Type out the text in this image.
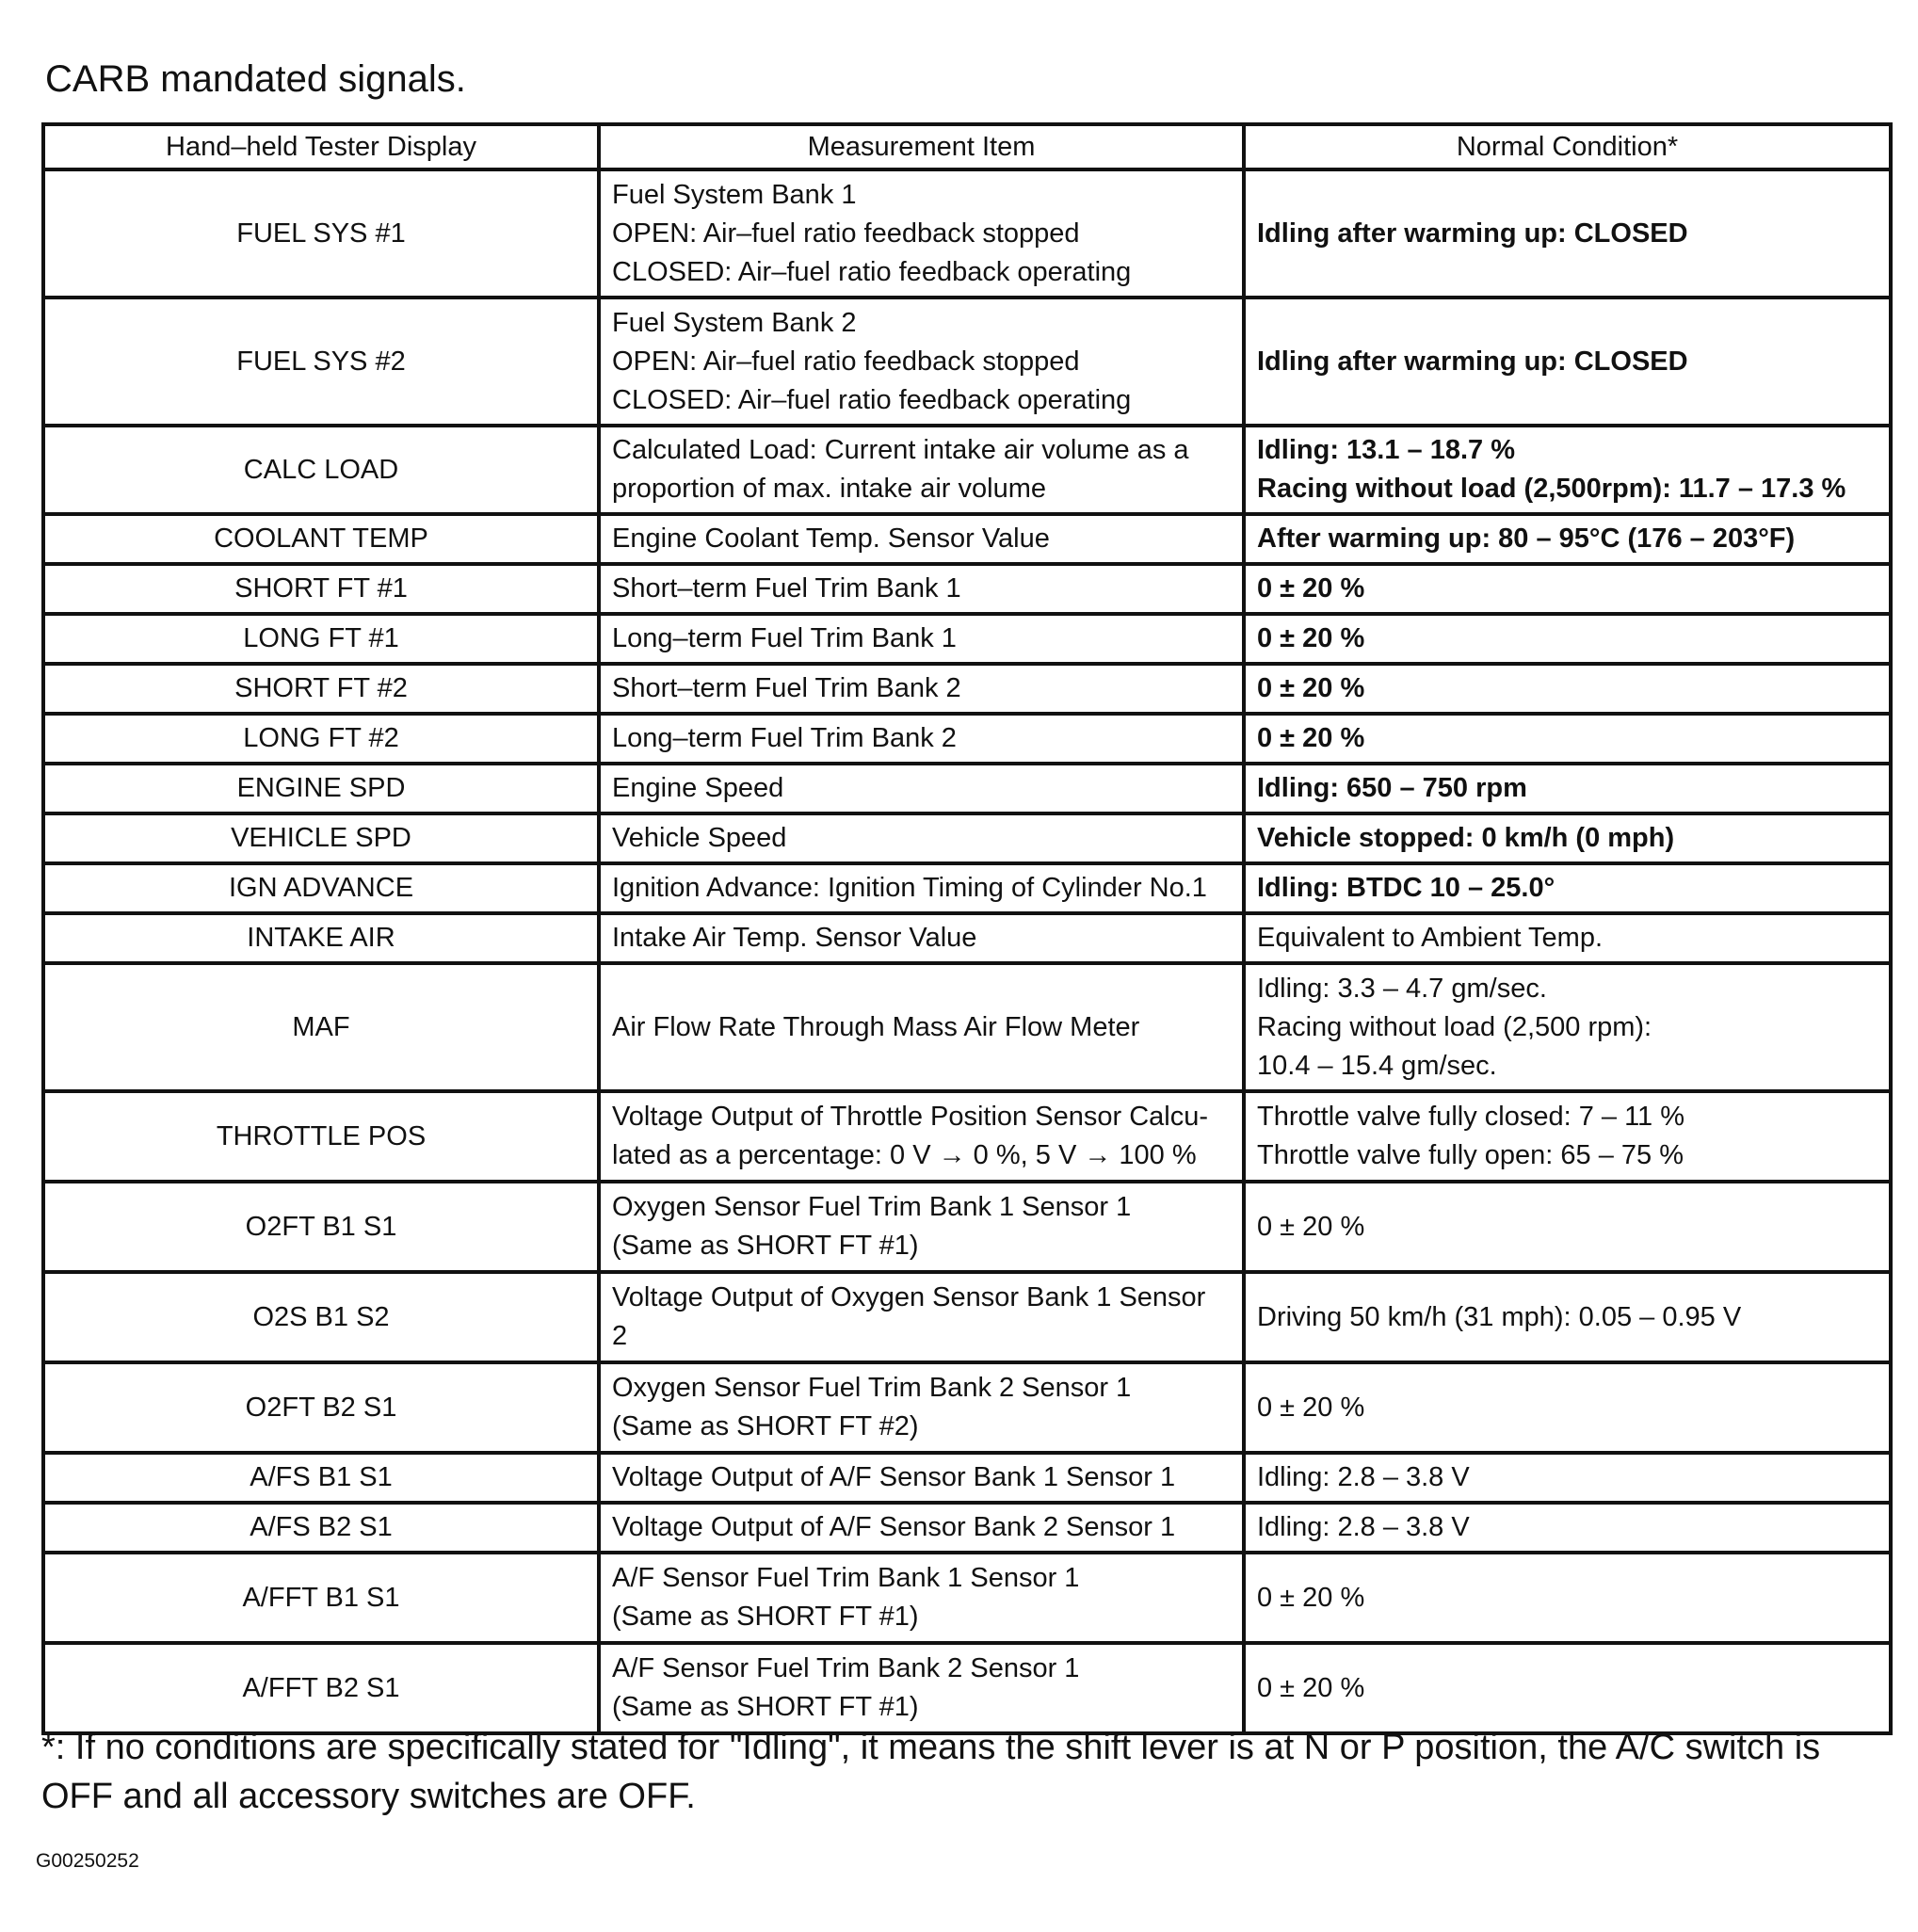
CARB mandated signals.
Hand–held Tester Display	Measurement Item	Normal Condition*
FUEL SYS #1	Fuel System Bank 1
OPEN: Air–fuel ratio feedback stopped
CLOSED: Air–fuel ratio feedback operating	Idling after warming up: CLOSED

FUEL SYS #2	Fuel System Bank 2
OPEN: Air–fuel ratio feedback stopped
CLOSED: Air–fuel ratio feedback operating	Idling after warming up: CLOSED

CALC LOAD	Calculated Load: Current intake air volume as a
proportion of max. intake air volume	Idling: 13.1 – 18.7 %
Racing without load (2,500rpm): 11.7 – 17.3 %

COOLANT TEMP	Engine Coolant Temp. Sensor Value	After warming up: 80 – 95°C (176 – 203°F)

SHORT FT #1	Short–term Fuel Trim Bank 1	0 ± 20 %

LONG FT #1	Long–term Fuel Trim Bank 1	0 ± 20 %

SHORT FT #2	Short–term Fuel Trim Bank 2	0 ± 20 %

LONG FT #2	Long–term Fuel Trim Bank 2	0 ± 20 %

ENGINE SPD	Engine Speed	Idling: 650 – 750 rpm

VEHICLE SPD	Vehicle Speed	Vehicle stopped: 0 km/h (0 mph)

IGN ADVANCE	Ignition Advance: Ignition Timing of Cylinder No.1	Idling: BTDC 10 – 25.0°

INTAKE AIR	Intake Air Temp. Sensor Value	Equivalent to Ambient Temp.

MAF	Air Flow Rate Through Mass Air Flow Meter	Idling: 3.3 – 4.7 gm/sec.
Racing without load (2,500 rpm):
10.4 – 15.4 gm/sec.

THROTTLE POS	Voltage Output of Throttle Position Sensor Calcu-
lated as a percentage: 0 V → 0 %, 5 V → 100 %	Throttle valve fully closed: 7 – 11 %
Throttle valve fully open: 65 – 75 %

O2FT B1 S1	Oxygen Sensor Fuel Trim Bank 1 Sensor 1
(Same as SHORT FT #1)	0 ± 20 %

O2S B1 S2	Voltage Output of Oxygen Sensor Bank 1 Sensor
2	Driving 50 km/h (31 mph): 0.05 – 0.95 V

O2FT B2 S1	Oxygen Sensor Fuel Trim Bank 2 Sensor 1
(Same as SHORT FT #2)	0 ± 20 %

A/FS B1 S1	Voltage Output of A/F Sensor Bank 1 Sensor 1	Idling: 2.8 – 3.8 V

A/FS B2 S1	Voltage Output of A/F Sensor Bank 2 Sensor 1	Idling: 2.8 – 3.8 V

A/FFT B1 S1	A/F Sensor Fuel Trim Bank 1 Sensor 1
(Same as SHORT FT #1)	0 ± 20 %

A/FFT B2 S1	A/F Sensor Fuel Trim Bank 2 Sensor 1
(Same as SHORT FT #1)	0 ± 20 %
*: If no conditions are specifically stated for "Idling", it means the shift lever is at N or P position, the A/C switch is OFF and all accessory switches are OFF.
G00250252
